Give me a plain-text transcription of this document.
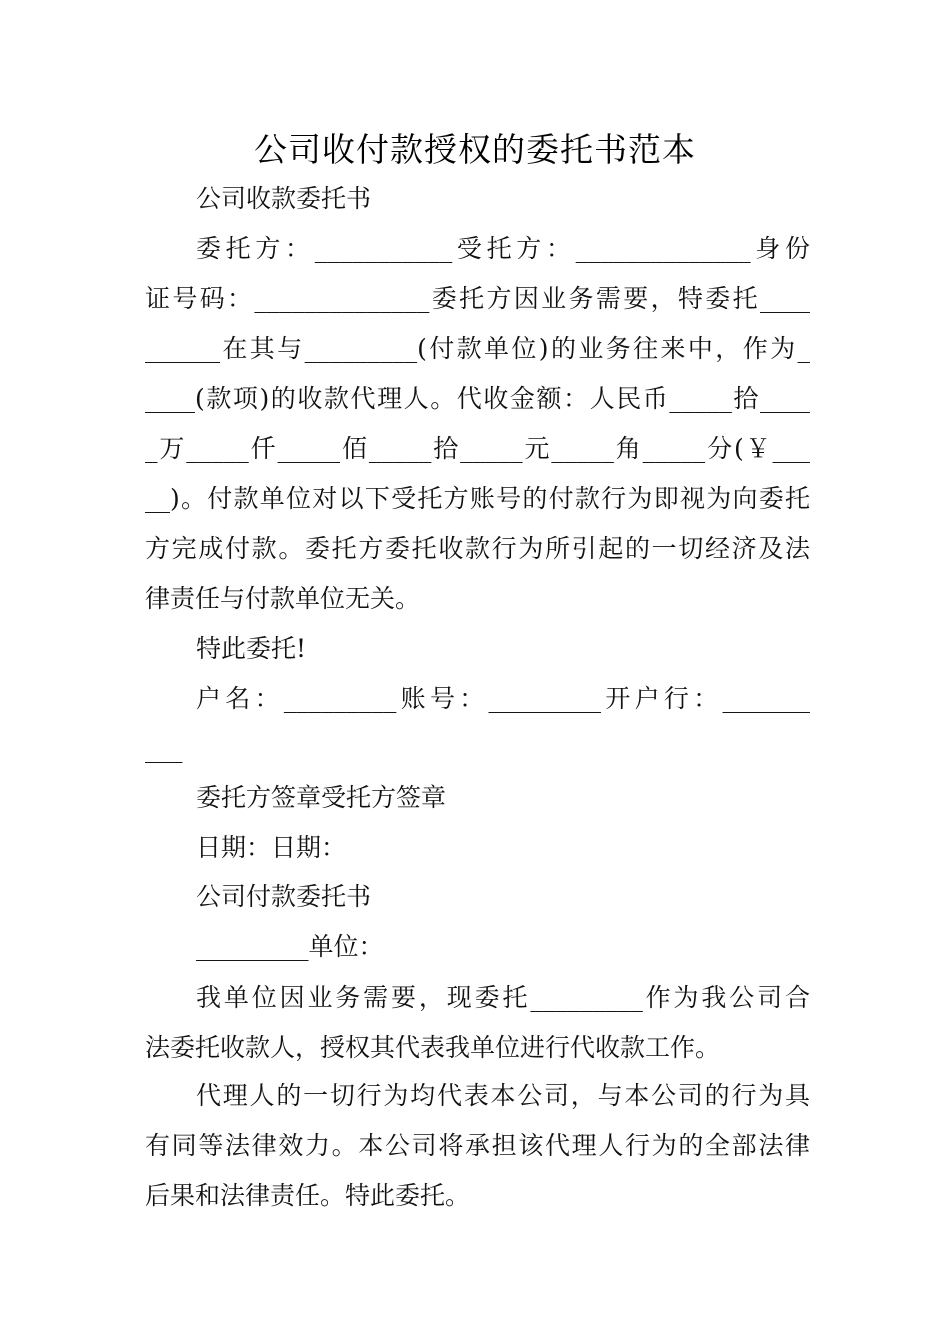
公司收付款授权的委托书范本
公司收款委托书
委托方：___________受托方：______________身份
证号码：______________委托方因业务需要，特委托____
______在其与_________(付款单位)的业务往来中，作为_
____(款项)的收款代理人。代收金额：人民币_____拾____
_万_____仟_____佰_____拾_____元_____角_____分(￥___
__)。付款单位对以下受托方账号的付款行为即视为向委托
方完成付款。委托方委托收款行为所引起的一切经济及法
律责任与付款单位无关。
特此委托!
户名：_________账号：_________开户行：_______
___
委托方签章受托方签章
日期：日期：
公司付款委托书
_________单位：
我单位因业务需要，现委托_________作为我公司合
法委托收款人，授权其代表我单位进行代收款工作。
代理人的一切行为均代表本公司，与本公司的行为具
有同等法律效力。本公司将承担该代理人行为的全部法律
后果和法律责任。特此委托。
